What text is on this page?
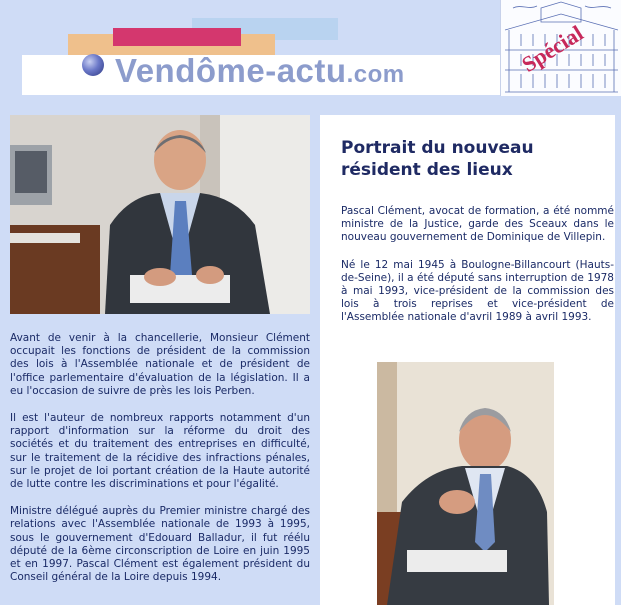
Vendôme-actu.com	Spécial

Avant de venir à la chancellerie, Monsieur Clément occupait les fonctions de président de la commission des lois à l'Assemblée nationale et de président de l'office parlementaire d'évaluation de la législation. Il a eu l'occasion de suivre de près les lois Perben.

Il est l'auteur de nombreux rapports notamment d'un rapport d'information sur la réforme du droit des sociétés et du traitement des entreprises en difficulté, sur le traitement de la récidive des infractions pénales, sur le projet de loi portant création de la Haute autorité de lutte contre les discriminations et pour l'égalité.

Ministre délégué auprès du Premier ministre chargé des relations avec l'Assemblée nationale de 1993 à 1995, sous le gouvernement d'Edouard Balladur, il fut réélu député de la 6ème circonscription de Loire en juin 1995 et en 1997. Pascal Clément est également président du Conseil général de la Loire depuis 1994.

Portrait du nouveau résident des lieux

Pascal Clément, avocat de formation, a été nommé ministre de la Justice, garde des Sceaux dans le nouveau gouvernement de Dominique de Villepin.

Né le 12 mai 1945 à Boulogne-Billancourt (Hauts-de-Seine), il a été député sans interruption de 1978 à mai 1993, vice-président de la commission des lois à trois reprises et vice-président de l'Assemblée nationale d'avril 1989 à avril 1993.
